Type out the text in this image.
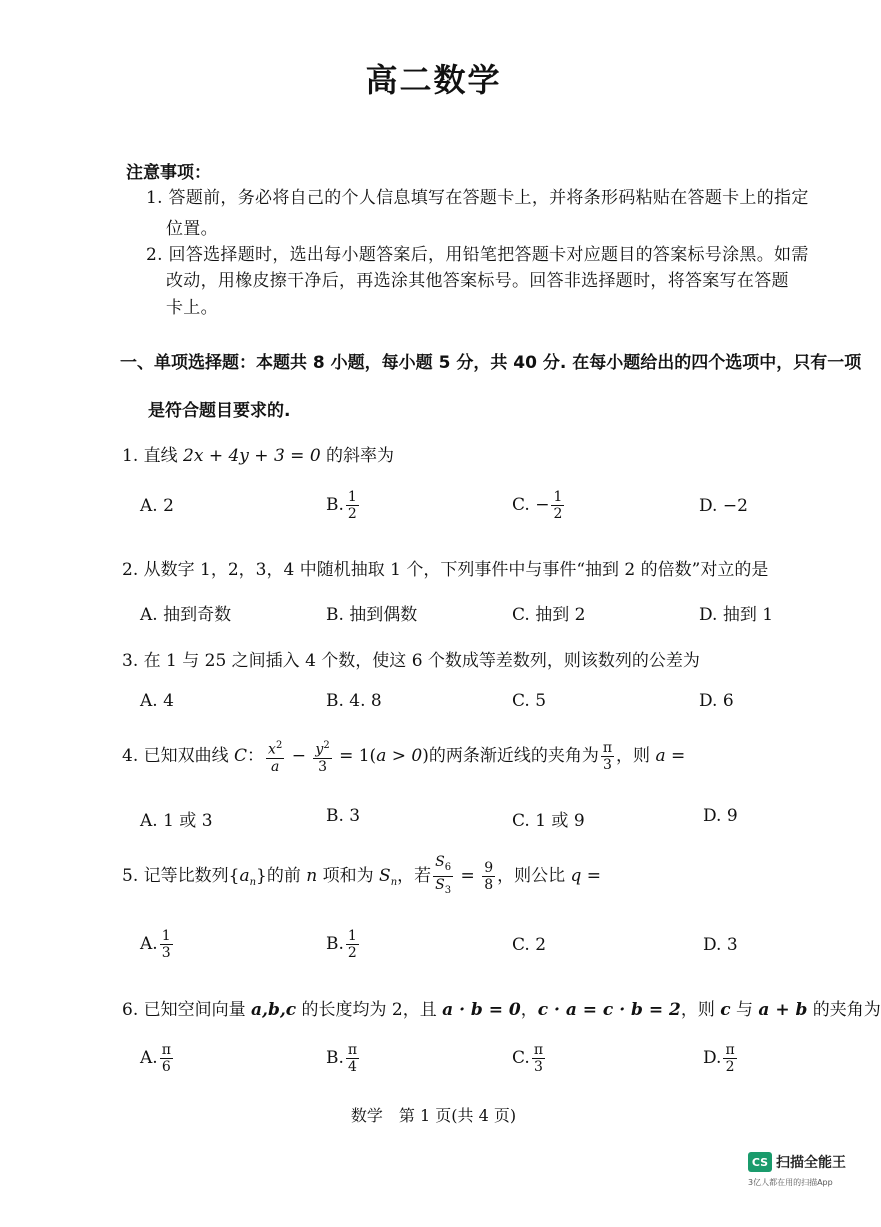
高二数学
注意事项：
1. 答题前，务必将自己的个人信息填写在答题卡上，并将条形码粘贴在答题卡上的指定
位置。
2. 回答选择题时，选出每小题答案后，用铅笔把答题卡对应题目的答案标号涂黑。如需
改动，用橡皮擦干净后，再选涂其他答案标号。回答非选择题时，将答案写在答题
卡上。
一、单项选择题：本题共 8 小题，每小题 5 分，共 40 分. 在每小题给出的四个选项中，只有一项
是符合题目要求的.
1. 直线 2x + 4y + 3 = 0 的斜率为
A. 2	B. $\frac{1}{2}$	C. − $\frac{1}{2}$	D. −2
2. 从数字 1，2，3，4 中随机抽取 1 个，下列事件中与事件“抽到 2 的倍数”对立的是
A. 抽到奇数	B. 抽到偶数	C. 抽到 2	D. 抽到 1
3. 在 1 与 25 之间插入 4 个数，使这 6 个数成等差数列，则该数列的公差为
A. 4	B. 4. 8	C. 5	D. 6
4. 已知双曲线 C： $\frac{x^2}{a} - \frac{y^2}{3} = 1(a > 0)$的两条渐近线的夹角为 $\frac{\pi}{3}$ ，则 a =
A. 1 或 3	B. 3	C. 1 或 9	D. 9
5. 记等比数列$\{a_n\}$的前 n 项和为 $S_n$，若 $\frac{S_6}{S_3} = \frac{9}{8}$ ，则公比 q =
A. $\frac{1}{3}$	B. $\frac{1}{2}$	C. 2	D. 3
6. 已知空间向量 a,b,c 的长度均为 2，且 a · b = 0，c · a = c · b = 2，则 c 与 a + b 的夹角为
A. $\frac{\pi}{6}$	B. $\frac{\pi}{4}$	C. $\frac{\pi}{3}$	D. $\frac{\pi}{2}$
数学　第 1 页(共 4 页)
CS 扫描全能王
3亿人都在用的扫描App
